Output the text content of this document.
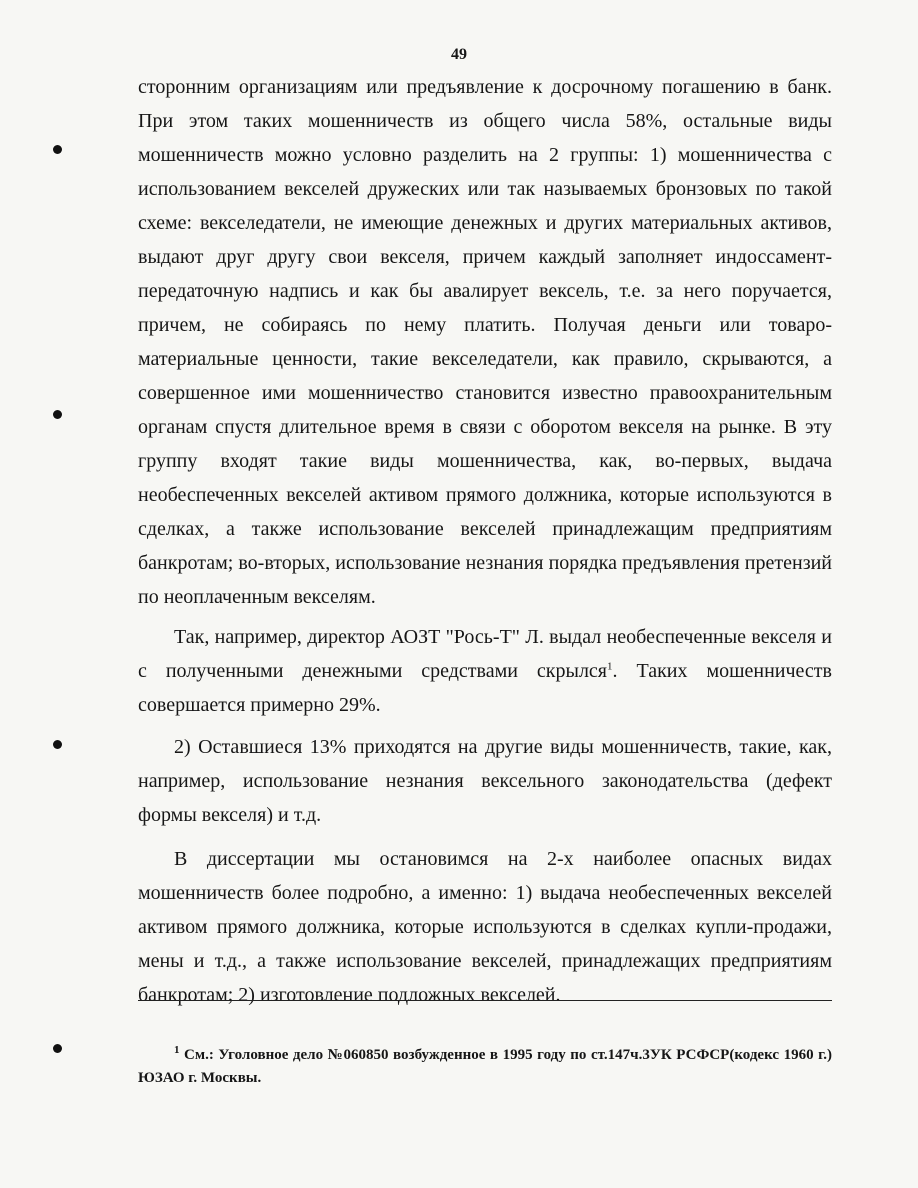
49

сторонним организациям или предъявление к досрочному погашению в банк. При этом таких мошенничеств из общего числа 58%, остальные виды мошенничеств можно условно разделить на 2 группы: 1) мошенничества с использованием векселей дружеских или так называемых бронзовых по такой схеме: векселедатели, не имеющие денежных и других материальных активов, выдают друг другу свои векселя, причем каждый заполняет индоссамент-передаточную надпись и как бы авалирует вексель, т.е. за него поручается, причем, не собираясь по нему платить. Получая деньги или товаро-материальные ценности, такие векселедатели, как правило, скрываются, а совершенное ими мошенничество становится известно правоохранительным органам спустя длительное время в связи с оборотом векселя на рынке. В эту группу входят такие виды мошенничества, как, во-первых, выдача необеспеченных векселей активом прямого должника, которые используются в сделках, а также использование векселей принадлежащим предприятиям банкротам; во-вторых, использование незнания порядка предъявления претензий по неоплаченным векселям.

Так, например, директор АОЗТ "Рось-Т" Л. выдал необеспеченные векселя и с полученными денежными средствами скрылся$^1$. Таких мошенничеств совершается примерно 29%.

2) Оставшиеся 13% приходятся на другие виды мошенничеств, такие, как, например, использование незнания вексельного законодательства (дефект формы векселя) и т.д.

В диссертации мы остановимся на 2-х наиболее опасных видах мошенничеств более подробно, а именно: 1) выдача необеспеченных векселей активом прямого должника, которые используются в сделках купли-продажи, мены и т.д., а также использование векселей, принадлежащих предприятиям банкротам; 2) изготовление подложных векселей.

$^1$ См.: Уголовное дело №060850 возбужденное в 1995 году по ст.147ч.3УК РСФСР(кодекс 1960 г.) ЮЗАО г. Москвы.
